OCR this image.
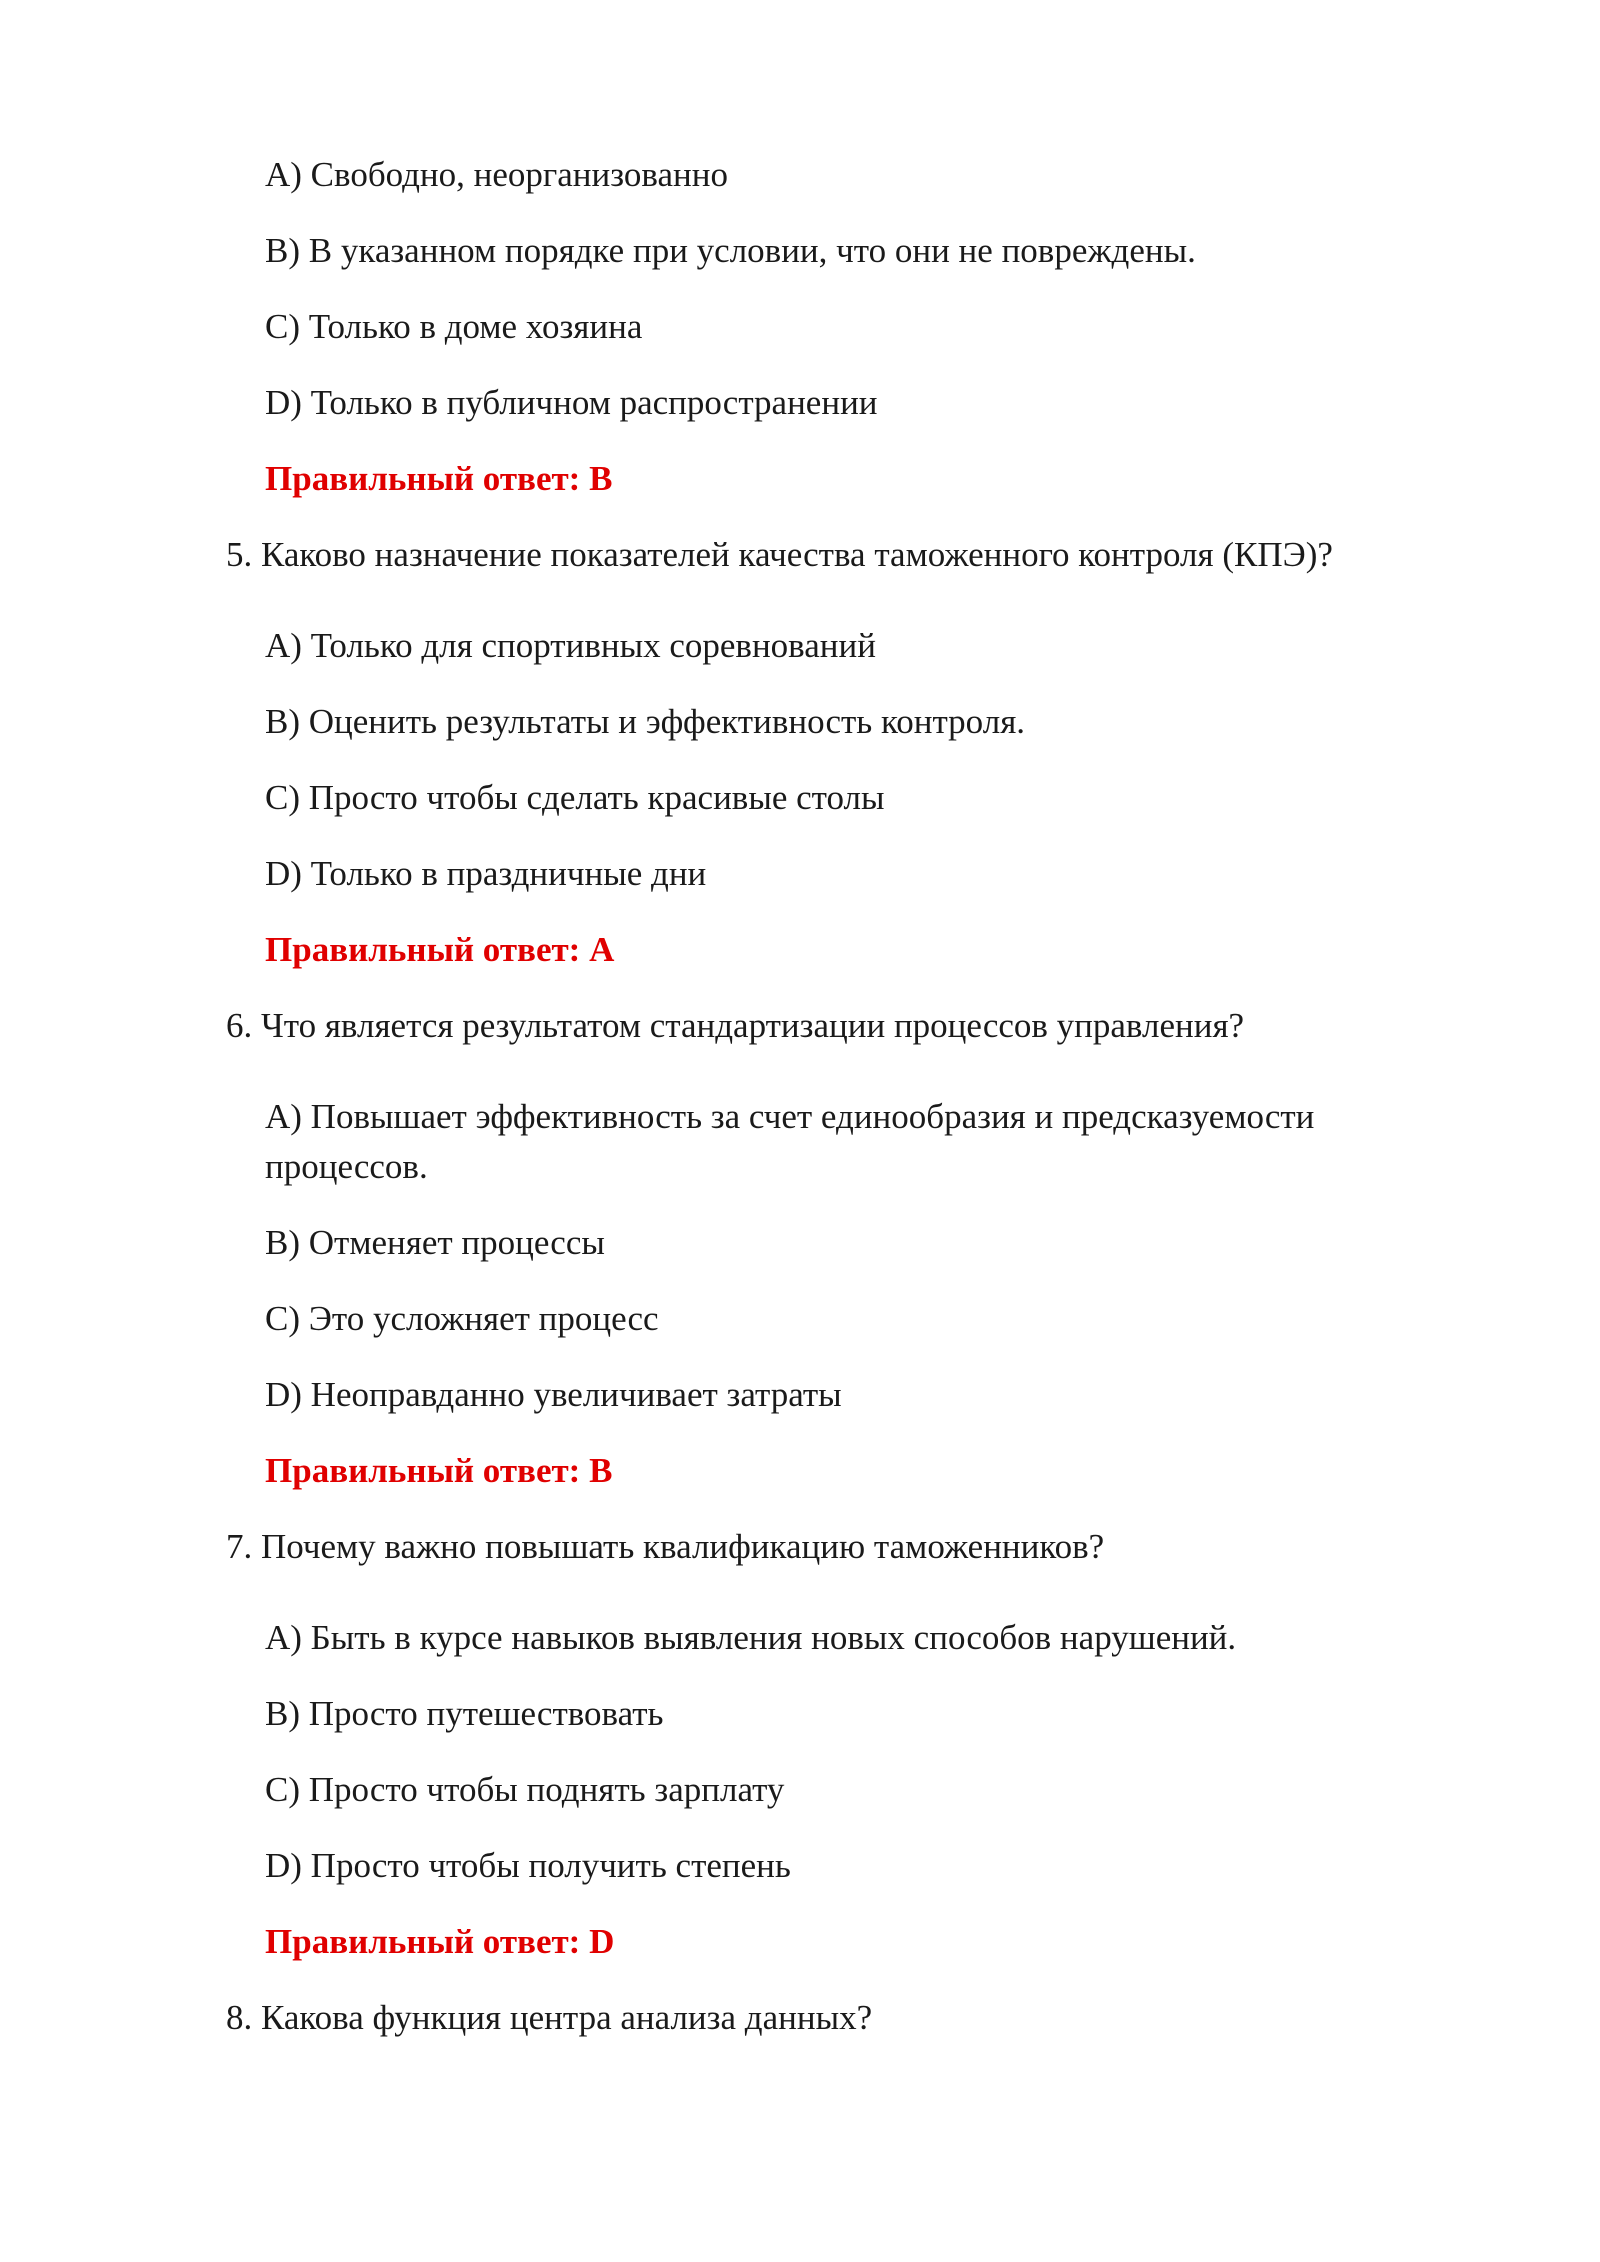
A) Свободно, неорганизованно
B) В указанном порядке при условии, что они не повреждены.
C) Только в доме хозяина
D) Только в публичном распространении
Правильный ответ: B
5. Каково назначение показателей качества таможенного контроля (КПЭ)?
A) Только для спортивных соревнований
B) Оценить результаты и эффективность контроля.
C) Просто чтобы сделать красивые столы
D) Только в праздничные дни
Правильный ответ: A
6. Что является результатом стандартизации процессов управления?
A) Повышает эффективность за счет единообразия и предсказуемости процессов.
B) Отменяет процессы
C) Это усложняет процесс
D) Неоправданно увеличивает затраты
Правильный ответ: B
7. Почему важно повышать квалификацию таможенников?
A) Быть в курсе навыков выявления новых способов нарушений.
B) Просто путешествовать
C) Просто чтобы поднять зарплату
D) Просто чтобы получить степень
Правильный ответ: D
8. Какова функция центра анализа данных?
